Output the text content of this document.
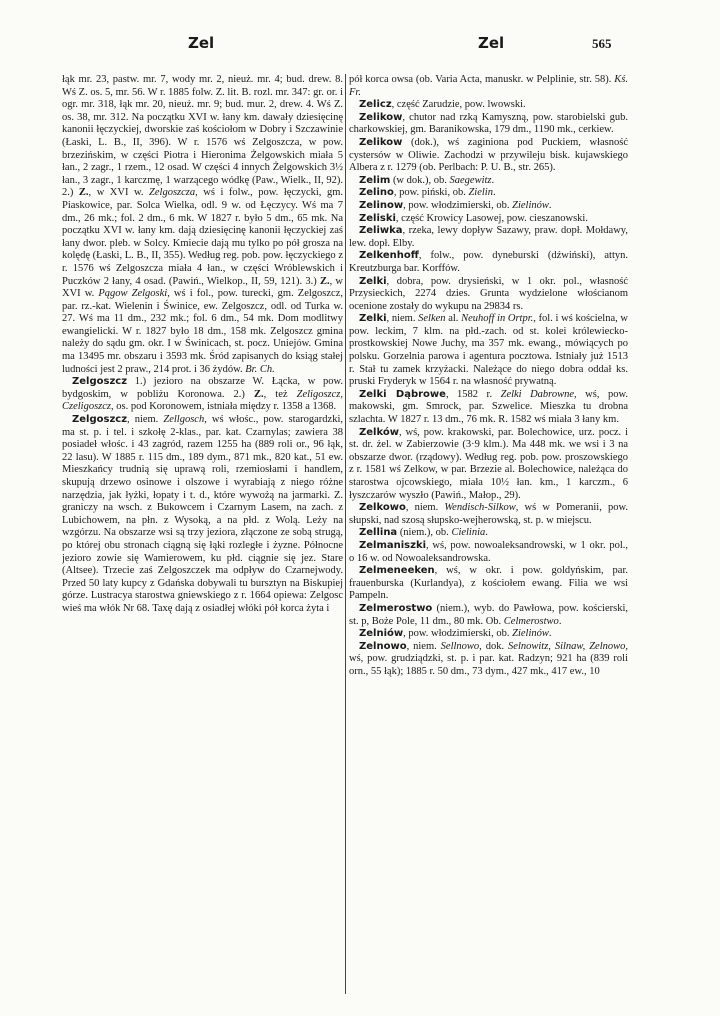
Zel	Zel	565

łąk mr. 23, pastw. mr. 7, wody mr. 2, nieuż. mr. 4; bud. drew. 8. Wś Z. os. 5, mr. 56. W r. 1885 folw. Z. lit. B. rozl. mr. 347: gr. or. i ogr. mr. 318, łąk mr. 20, nieuż. mr. 9; bud. mur. 2, drew. 4. Wś Z. os. 38, mr. 312. Na początku XVI w. łany km. dawały dziesięcinę kanonii łęczyckiej, dworskie zaś kościołom w Dobry i Szczawinie (Łaski, L. B., II, 396). W r. 1576 wś Zelgoszcza, w pow. brzezińskim, w części Piotra i Hieronima Żelgowskich miała 5 łan., 2 zagr., 1 rzem., 12 osad. W części 4 innych Żelgowskich 3½ łan., 3 zagr., 1 karczmę, 1 warzącego wódkę (Paw., Wielk., II, 92). 2.) Z., w XVI w. Zelgoszcza, wś i folw., pow. łęczycki, gm. Piaskowice, par. Solca Wielka, odl. 9 w. od Łęczycy. Wś ma 7 dm., 26 mk.; fol. 2 dm., 6 mk. W 1827 r. było 5 dm., 65 mk. Na początku XVI w. łany km. dają dziesięcinę kanonii łęczyckiej zaś łany dwor. pleb. w Solcy. Kmiecie dają mu tylko po pół grosza na kolędę (Łaski, L. B., II, 355). Według reg. pob. pow. łęczyckiego z r. 1576 wś Zelgoszcza miała 4 łan., w części Wróblewskich i Puczków 2 łany, 4 osad. (Pawiń., Wielkop., II, 59, 121). 3.) Z., w XVI w. Pągow Zelgoski, wś i fol., pow. turecki, gm. Zelgoszcz, par. rz.-kat. Wielenin i Świnice, ew. Zelgoszcz, odl. od Turka w. 27. Wś ma 11 dm., 232 mk.; fol. 6 dm., 54 mk. Dom modlitwy ewangielicki. W r. 1827 było 18 dm., 158 mk. Zelgoszcz gmina należy do sądu gm. okr. I w Świnicach, st. pocz. Uniejów. Gmina ma 13495 mr. obszaru i 3593 mk. Śród zapisanych do ksiąg stałej ludności jest 2 praw., 214 prot. i 36 żydów. Br. Ch.

Zelgoszcz 1.) jezioro na obszarze W. Łącka, w pow. bydgoskim, w pobliżu Koronowa. 2.) Z., też Zeligoszcz, Czeligoszcz, os. pod Koronowem, istniała między r. 1358 a 1368.

Zelgoszcz, niem. Zellgosch, wś włośc., pow. starogardzki, ma st. p. i tel. i szkołę 2-klas., par. kat. Czarnylas; zawiera 38 posiadeł włośc. i 43 zagród, razem 1255 ha (889 roli or., 96 łąk, 22 lasu). W 1885 r. 115 dm., 189 dym., 871 mk., 820 kat., 51 ew. Mieszkańcy trudnią się uprawą roli, rzemiosłami i handlem, skupują drzewo osinowe i olszowe i wyrabiają z niego różne narzędzia, jak łyżki, łopaty i t. d., które wywożą na jarmarki. Z. graniczy na wsch. z Bukowcem i Czarnym Lasem, na zach. z Lubichowem, na płn. z Wysoką, a na płd. z Wolą. Leży na wzgórzu. Na obszarze wsi są trzy jeziora, złączone ze sobą strugą, po której obu stronach ciągną się łąki rozległe i żyzne. Północne jezioro zowie się Wamierowem, ku płd. ciągnie się jez. Stare (Altsee). Trzecie zaś Zelgoszczek ma odpływ do Czarnejwody. Przed 50 laty kupcy z Gdańska dobywali tu bursztyn na Biskupiej górze. Lustracya starostwa gniewskiego z r. 1664 opiewa: Zelgosc wieś ma włók Nr 68. Taxę dają z osiadłej włóki pół korca żyta i

pół korca owsa (ob. Varia Acta, manuskr. w Pelplinie, str. 58). Kś. Fr.

Zelicz, część Zarudzie, pow. lwowski.

Zelikow, chutor nad rzką Kamyszną, pow. starobielski gub. charkowskiej, gm. Baranikowska, 179 dm., 1190 mk., cerkiew.

Zelikow (dok.), wś zaginiona pod Puckiem, własność cystersów w Oliwie. Zachodzi w przywileju bisk. kujawskiego Albera z r. 1279 (ob. Perlbach: P. U. B., str. 265).

Zelim (w dok.), ob. Saegewitz.

Zelino, pow. piński, ob. Zielin.

Zelinow, pow. włodzimierski, ob. Zielinów.

Zeliski, część Krowicy Lasowej, pow. cieszanowski.

Zeliwka, rzeka, lewy dopływ Sazawy, praw. dopł. Mołdawy, lew. dopł. Elby.

Zelkenhoff, folw., pow. dyneburski (dźwiński), attyn. Kreutzburga bar. Korffów.

Zelki, dobra, pow. drysieński, w 1 okr. pol., własność Przysieckich, 2274 dzies. Grunta wydzielone włościanom ocenione zostały do wykupu na 29834 rs.

Zelki, niem. Selken al. Neuhoff in Ortpr., fol. i wś kościelna, w pow. leckim, 7 klm. na płd.-zach. od st. kolei królewiecko-prostkowskiej Nowe Juchy, ma 357 mk. ewang., mówiących po polsku. Gorzelnia parowa i agentura pocztowa. Istniały już 1513 r. Stał tu zamek krzyżacki. Należące do niego dobra oddał ks. pruski Fryderyk w 1564 r. na własność prywatną.

Zelki Dąbrowe, 1582 r. Zelki Dabrowne, wś, pow. makowski, gm. Smrock, par. Szwelice. Mieszka tu drobna szlachta. W 1827 r. 13 dm., 76 mk. R. 1582 wś miała 3 łany km.

Zelków, wś, pow. krakowski, par. Bolechowice, urz. pocz. i st. dr. żel. w Zabierzowie (3·9 klm.). Ma 448 mk. we wsi i 3 na obszarze dwor. (rządowy). Według reg. pob. pow. proszowskiego z r. 1581 wś Zelkow, w par. Brzezie al. Bolechowice, należąca do starostwa ojcowskiego, miała 10½ łan. km., 1 karczm., 6 łyszczarów wyszło (Pawiń., Małop., 29).

Zelkowo, niem. Wendisch-Silkow, wś w Pomeranii, pow. słupski, nad szosą słupsko-wejherowską, st. p. w miejscu.

Zellina (niem.), ob. Cielinia.

Zelmaniszki, wś, pow. nowoaleksandrowski, w 1 okr. pol., o 16 w. od Nowoaleksandrowska.

Zelmeneeken, wś, w okr. i pow. goldyńskim, par. frauenburska (Kurlandya), z kościołem ewang. Filia we wsi Pampeln.

Zelmerostwo (niem.), wyb. do Pawłowa, pow. kościerski, st. p, Boże Pole, 11 dm., 80 mk. Ob. Celmerostwo.

Zelniów, pow. włodzimierski, ob. Zielinów.

Zelnowo, niem. Sellnowo, dok. Selnowitz, Silnaw, Zelnowo, wś, pow. grudziądzki, st. p. i par. kat. Radzyn; 921 ha (839 roli orn., 55 łąk); 1885 r. 50 dm., 73 dym., 427 mk., 417 ew., 10
